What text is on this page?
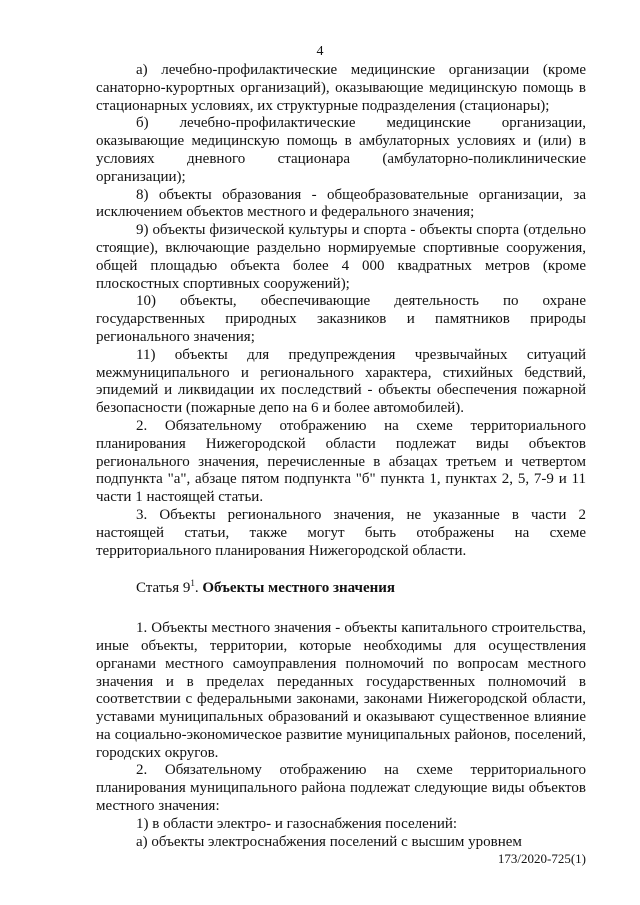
4

а) лечебно-профилактические медицинские организации (кроме санаторно-курортных организаций), оказывающие медицинскую помощь в стационарных условиях, их структурные подразделения (стационары);

б) лечебно-профилактические медицинские организации, оказывающие медицинскую помощь в амбулаторных условиях и (или) в условиях дневного стационара (амбулаторно-поликлинические организации);

8) объекты образования - общеобразовательные организации, за исключением объектов местного и федерального значения;

9) объекты физической культуры и спорта - объекты спорта (отдельно стоящие), включающие раздельно нормируемые спортивные сооружения, общей площадью объекта более 4 000 квадратных метров (кроме плоскостных спортивных сооружений);

10) объекты, обеспечивающие деятельность по охране государственных природных заказников и памятников природы регионального значения;

11) объекты для предупреждения чрезвычайных ситуаций межмуниципального и регионального характера, стихийных бедствий, эпидемий и ликвидации их последствий - объекты обеспечения пожарной безопасности (пожарные депо на 6 и более автомобилей).

2. Обязательному отображению на схеме территориального планирования Нижегородской области подлежат виды объектов регионального значения, перечисленные в абзацах третьем и четвертом подпункта "а", абзаце пятом подпункта "б" пункта 1, пунктах 2, 5, 7-9 и 11 части 1 настоящей статьи.

3. Объекты регионального значения, не указанные в части 2 настоящей статьи, также могут быть отображены на схеме территориального планирования Нижегородской области.

Статья $9^1$. Объекты местного значения

1. Объекты местного значения - объекты капитального строительства, иные объекты, территории, которые необходимы для осуществления органами местного самоуправления полномочий по вопросам местного значения и в пределах переданных государственных полномочий в соответствии с федеральными законами, законами Нижегородской области, уставами муниципальных образований и оказывают существенное влияние на социально-экономическое развитие муниципальных районов, поселений, городских округов.

2. Обязательному отображению на схеме территориального планирования муниципального района подлежат следующие виды объектов местного значения:

1) в области электро- и газоснабжения поселений:

а) объекты электроснабжения поселений с высшим уровнем

173/2020-725(1)
